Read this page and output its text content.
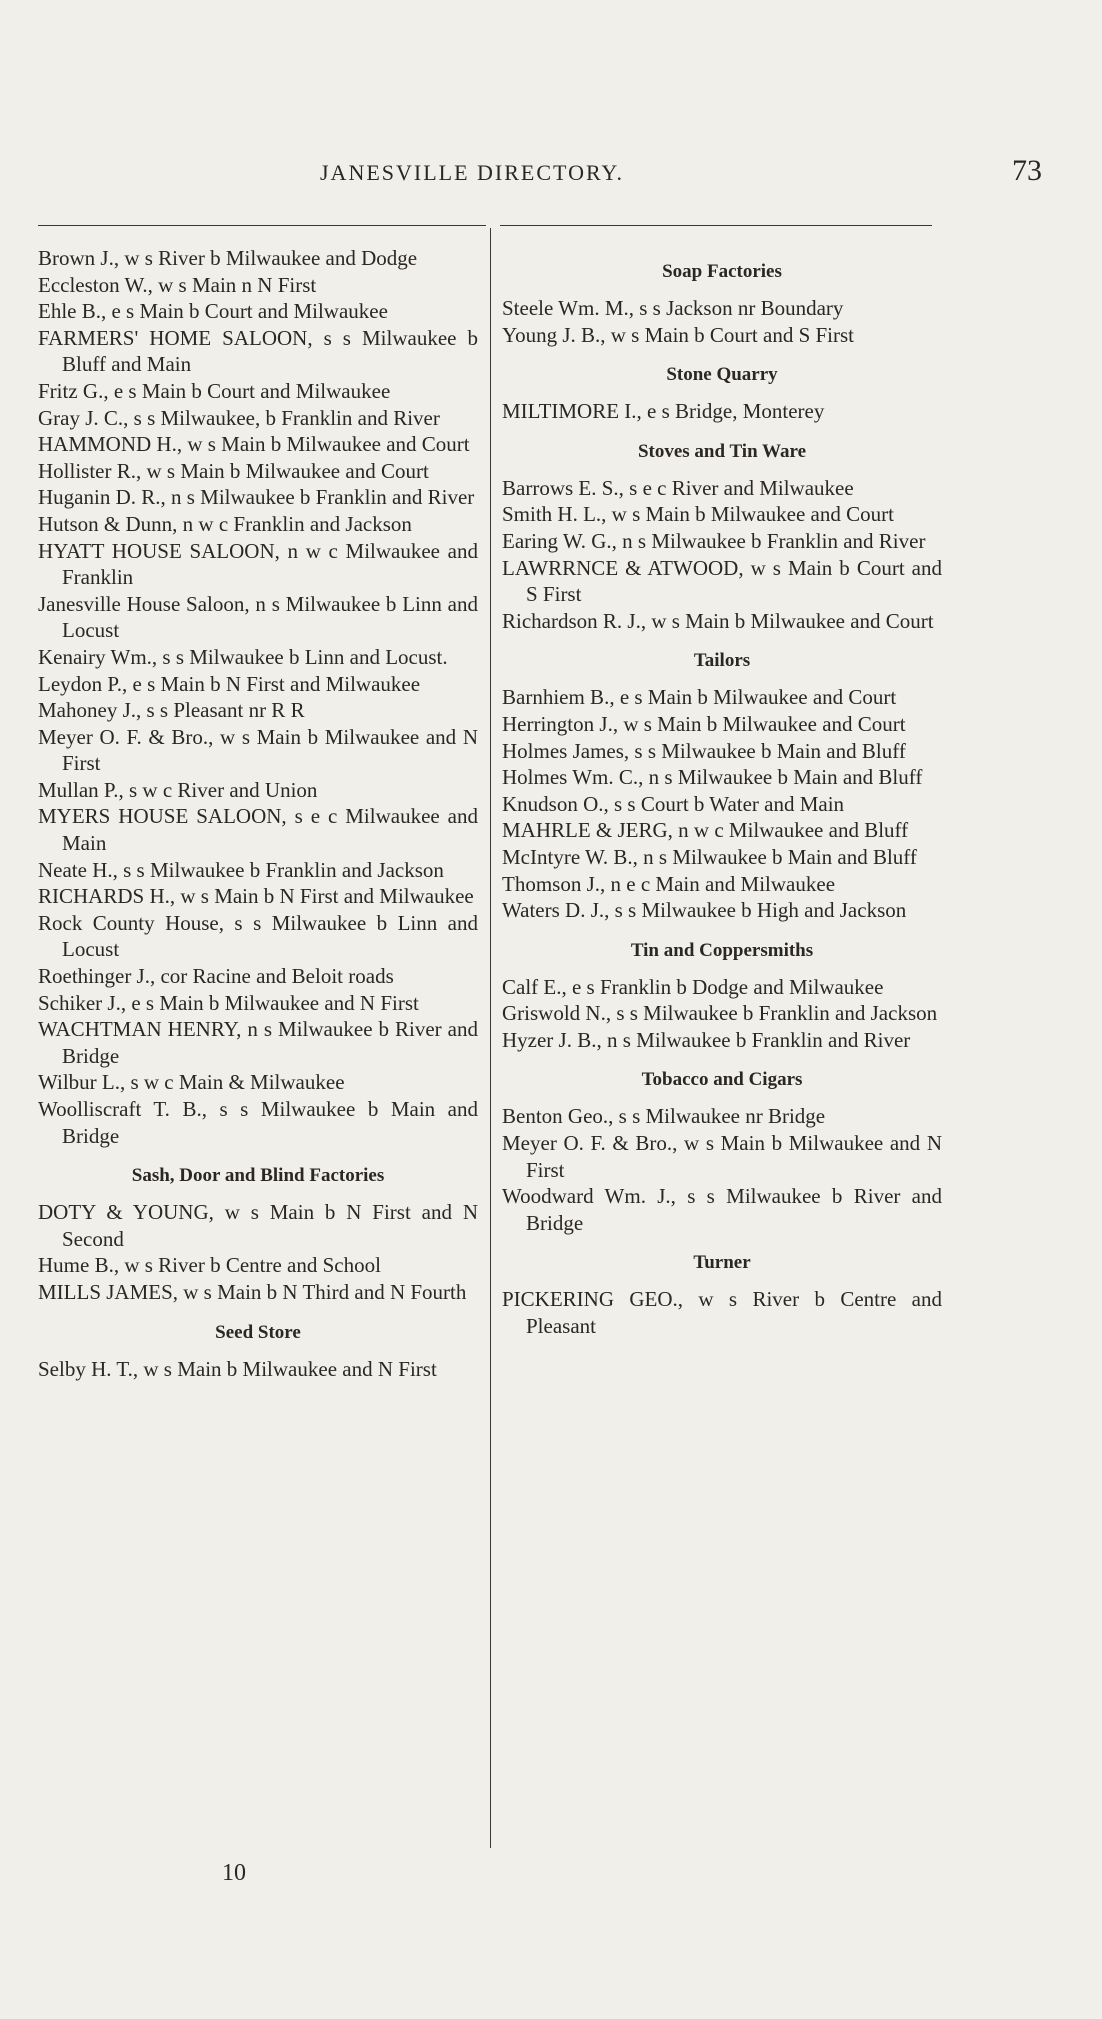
JANESVILLE DIRECTORY.	73
Brown J., w s River b Milwaukee and Dodge
Eccleston W., w s Main n N First
Ehle B., e s Main b Court and Milwaukee
FARMERS' HOME SALOON, s s Milwaukee b Bluff and Main
Fritz G., e s Main b Court and Milwaukee
Gray J. C., s s Milwaukee, b Franklin and River
HAMMOND H., w s Main b Milwaukee and Court
Hollister R., w s Main b Milwaukee and Court
Huganin D. R., n s Milwaukee b Franklin and River
Hutson & Dunn, n w c Franklin and Jackson
HYATT HOUSE SALOON, n w c Milwaukee and Franklin
Janesville House Saloon, n s Milwaukee b Linn and Locust
Kenairy Wm., s s Milwaukee b Linn and Locust.
Leydon P., e s Main b N First and Milwaukee
Mahoney J., s s Pleasant nr R R
Meyer O. F. & Bro., w s Main b Milwaukee and N First
Mullan P., s w c River and Union
MYERS HOUSE SALOON, s e c Milwaukee and Main
Neate H., s s Milwaukee b Franklin and Jackson
RICHARDS H., w s Main b N First and Milwaukee
Rock County House, s s Milwaukee b Linn and Locust
Roethinger J., cor Racine and Beloit roads
Schiker J., e s Main b Milwaukee and N First
WACHTMAN HENRY, n s Milwaukee b River and Bridge
Wilbur L., s w c Main & Milwaukee
Woolliscraft T. B., s s Milwaukee b Main and Bridge
Sash, Door and Blind Factories
DOTY & YOUNG, w s Main b N First and N Second
Hume B., w s River b Centre and School
MILLS JAMES, w s Main b N Third and N Fourth
Seed Store
Selby H. T., w s Main b Milwaukee and N First
Soap Factories
Steele Wm. M., s s Jackson nr Boundary
Young J. B., w s Main b Court and S First
Stone Quarry
MILTIMORE I., e s Bridge, Monterey
Stoves and Tin Ware
Barrows E. S., s e c River and Milwaukee
Smith H. L., w s Main b Milwaukee and Court
Earing W. G., n s Milwaukee b Franklin and River
LAWRRNCE & ATWOOD, w s Main b Court and S First
Richardson R. J., w s Main b Milwaukee and Court
Tailors
Barnhiem B., e s Main b Milwaukee and Court
Herrington J., w s Main b Milwaukee and Court
Holmes James, s s Milwaukee b Main and Bluff
Holmes Wm. C., n s Milwaukee b Main and Bluff
Knudson O., s s Court b Water and Main
MAHRLE & JERG, n w c Milwaukee and Bluff
McIntyre W. B., n s Milwaukee b Main and Bluff
Thomson J., n e c Main and Milwaukee
Waters D. J., s s Milwaukee b High and Jackson
Tin and Coppersmiths
Calf E., e s Franklin b Dodge and Milwaukee
Griswold N., s s Milwaukee b Franklin and Jackson
Hyzer J. B., n s Milwaukee b Franklin and River
Tobacco and Cigars
Benton Geo., s s Milwaukee nr Bridge
Meyer O. F. & Bro., w s Main b Milwaukee and N First
Woodward Wm. J., s s Milwaukee b River and Bridge
Turner
PICKERING GEO., w s River b Centre and Pleasant
10
